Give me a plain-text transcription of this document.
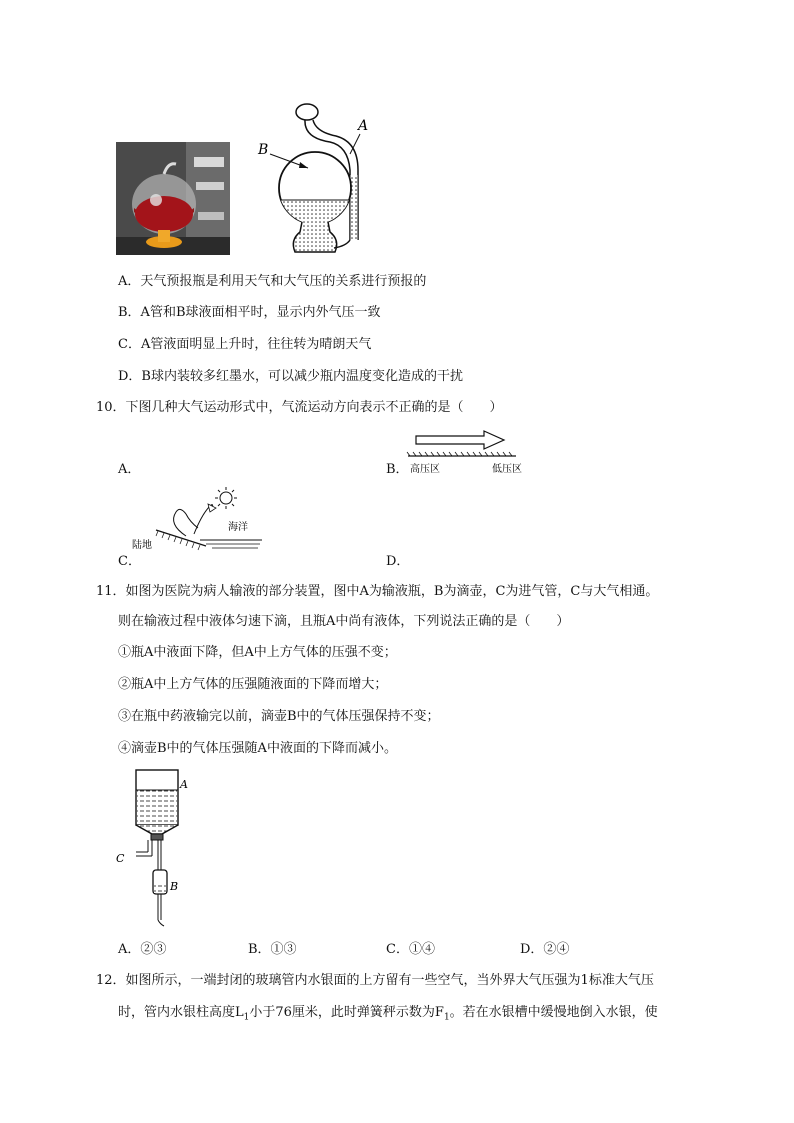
B
A
A．天气预报瓶是利用天气和大气压的关系进行预报的
B．A管和B球液面相平时，显示内外气压一致
C．A管液面明显上升时，往往转为晴朗天气
D．B球内装较多红墨水，可以减少瓶内温度变化造成的干扰
10．下图几种大气运动形式中，气流运动方向表示不正确的是（　　）
A．	B． 高压区	低压区
海洋
陆地
C．	D．
11．如图为医院为病人输液的部分装置，图中A为输液瓶，B为滴壶，C为进气管，C与大气相通。
则在输液过程中液体匀速下滴，且瓶A中尚有液体，下列说法正确的是（　　）
①瓶A中液面下降，但A中上方气体的压强不变；
②瓶A中上方气体的压强随液面的下降而增大；
③在瓶中药液输完以前，滴壶B中的气体压强保持不变；
④滴壶B中的气体压强随A中液面的下降而减小。
A
C
B
A．②③	B．①③	C．①④	D．②④
12．如图所示，一端封闭的玻璃管内水银面的上方留有一些空气，当外界大气压强为1标准大气压
时，管内水银柱高度$L_1$小于76厘米，此时弹簧秤示数为$F_1$。若在水银槽中缓慢地倒入水银，使
